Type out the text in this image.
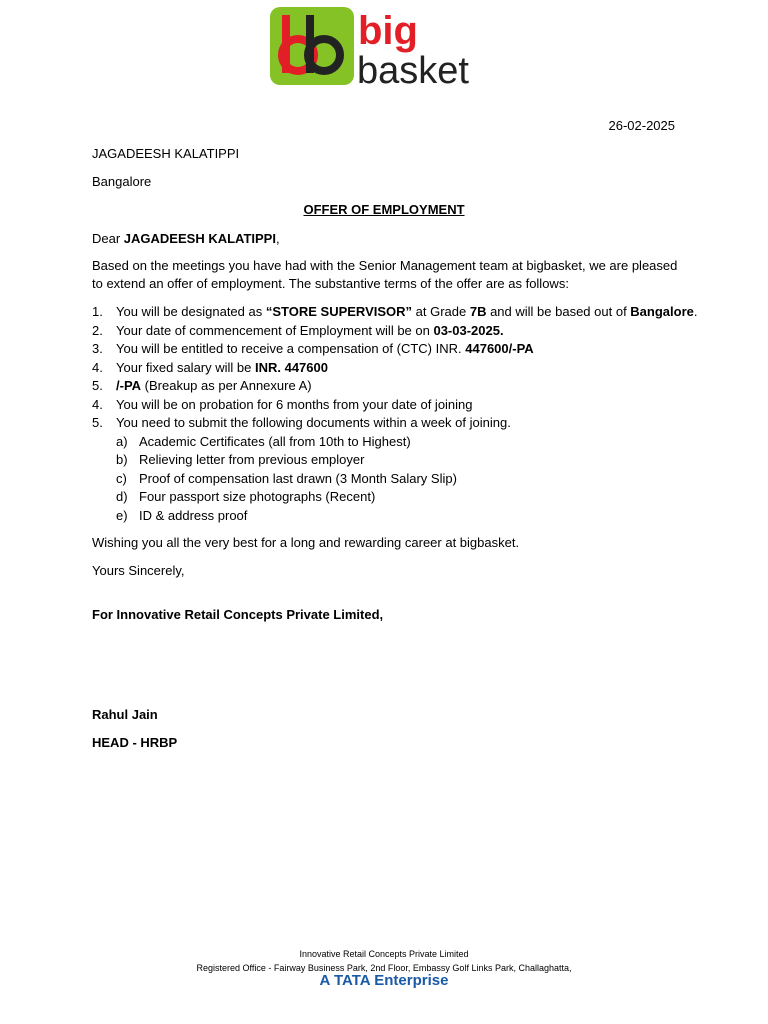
big
basket
26-02-2025
JAGADEESH KALATIPPI
Bangalore
OFFER OF EMPLOYMENT
Dear JAGADEESH KALATIPPI,
Based on the meetings you have had with the Senior Management team at bigbasket, we are pleased
to extend an offer of employment. The substantive terms of the offer are as follows:
1. You will be designated as “STORE SUPERVISOR” at Grade 7B and will be based out of Bangalore.
2. Your date of commencement of Employment will be on 03-03-2025.
3. You will be entitled to receive a compensation of (CTC) INR. 447600/-PA
4. Your fixed salary will be INR. 447600
5. /-PA (Breakup as per Annexure A)
4. You will be on probation for 6 months from your date of joining
5. You need to submit the following documents within a week of joining.
a) Academic Certificates (all from 10th to Highest)
b) Relieving letter from previous employer
c) Proof of compensation last drawn (3 Month Salary Slip)
d) Four passport size photographs (Recent)
e) ID & address proof
Wishing you all the very best for a long and rewarding career at bigbasket.
Yours Sincerely,
For Innovative Retail Concepts Private Limited,
Rahul Jain
HEAD - HRBP
Innovative Retail Concepts Private Limited
Registered Office - Fairway Business Park, 2nd Floor, Embassy Golf Links Park, Challaghatta,
A TATA Enterprise
